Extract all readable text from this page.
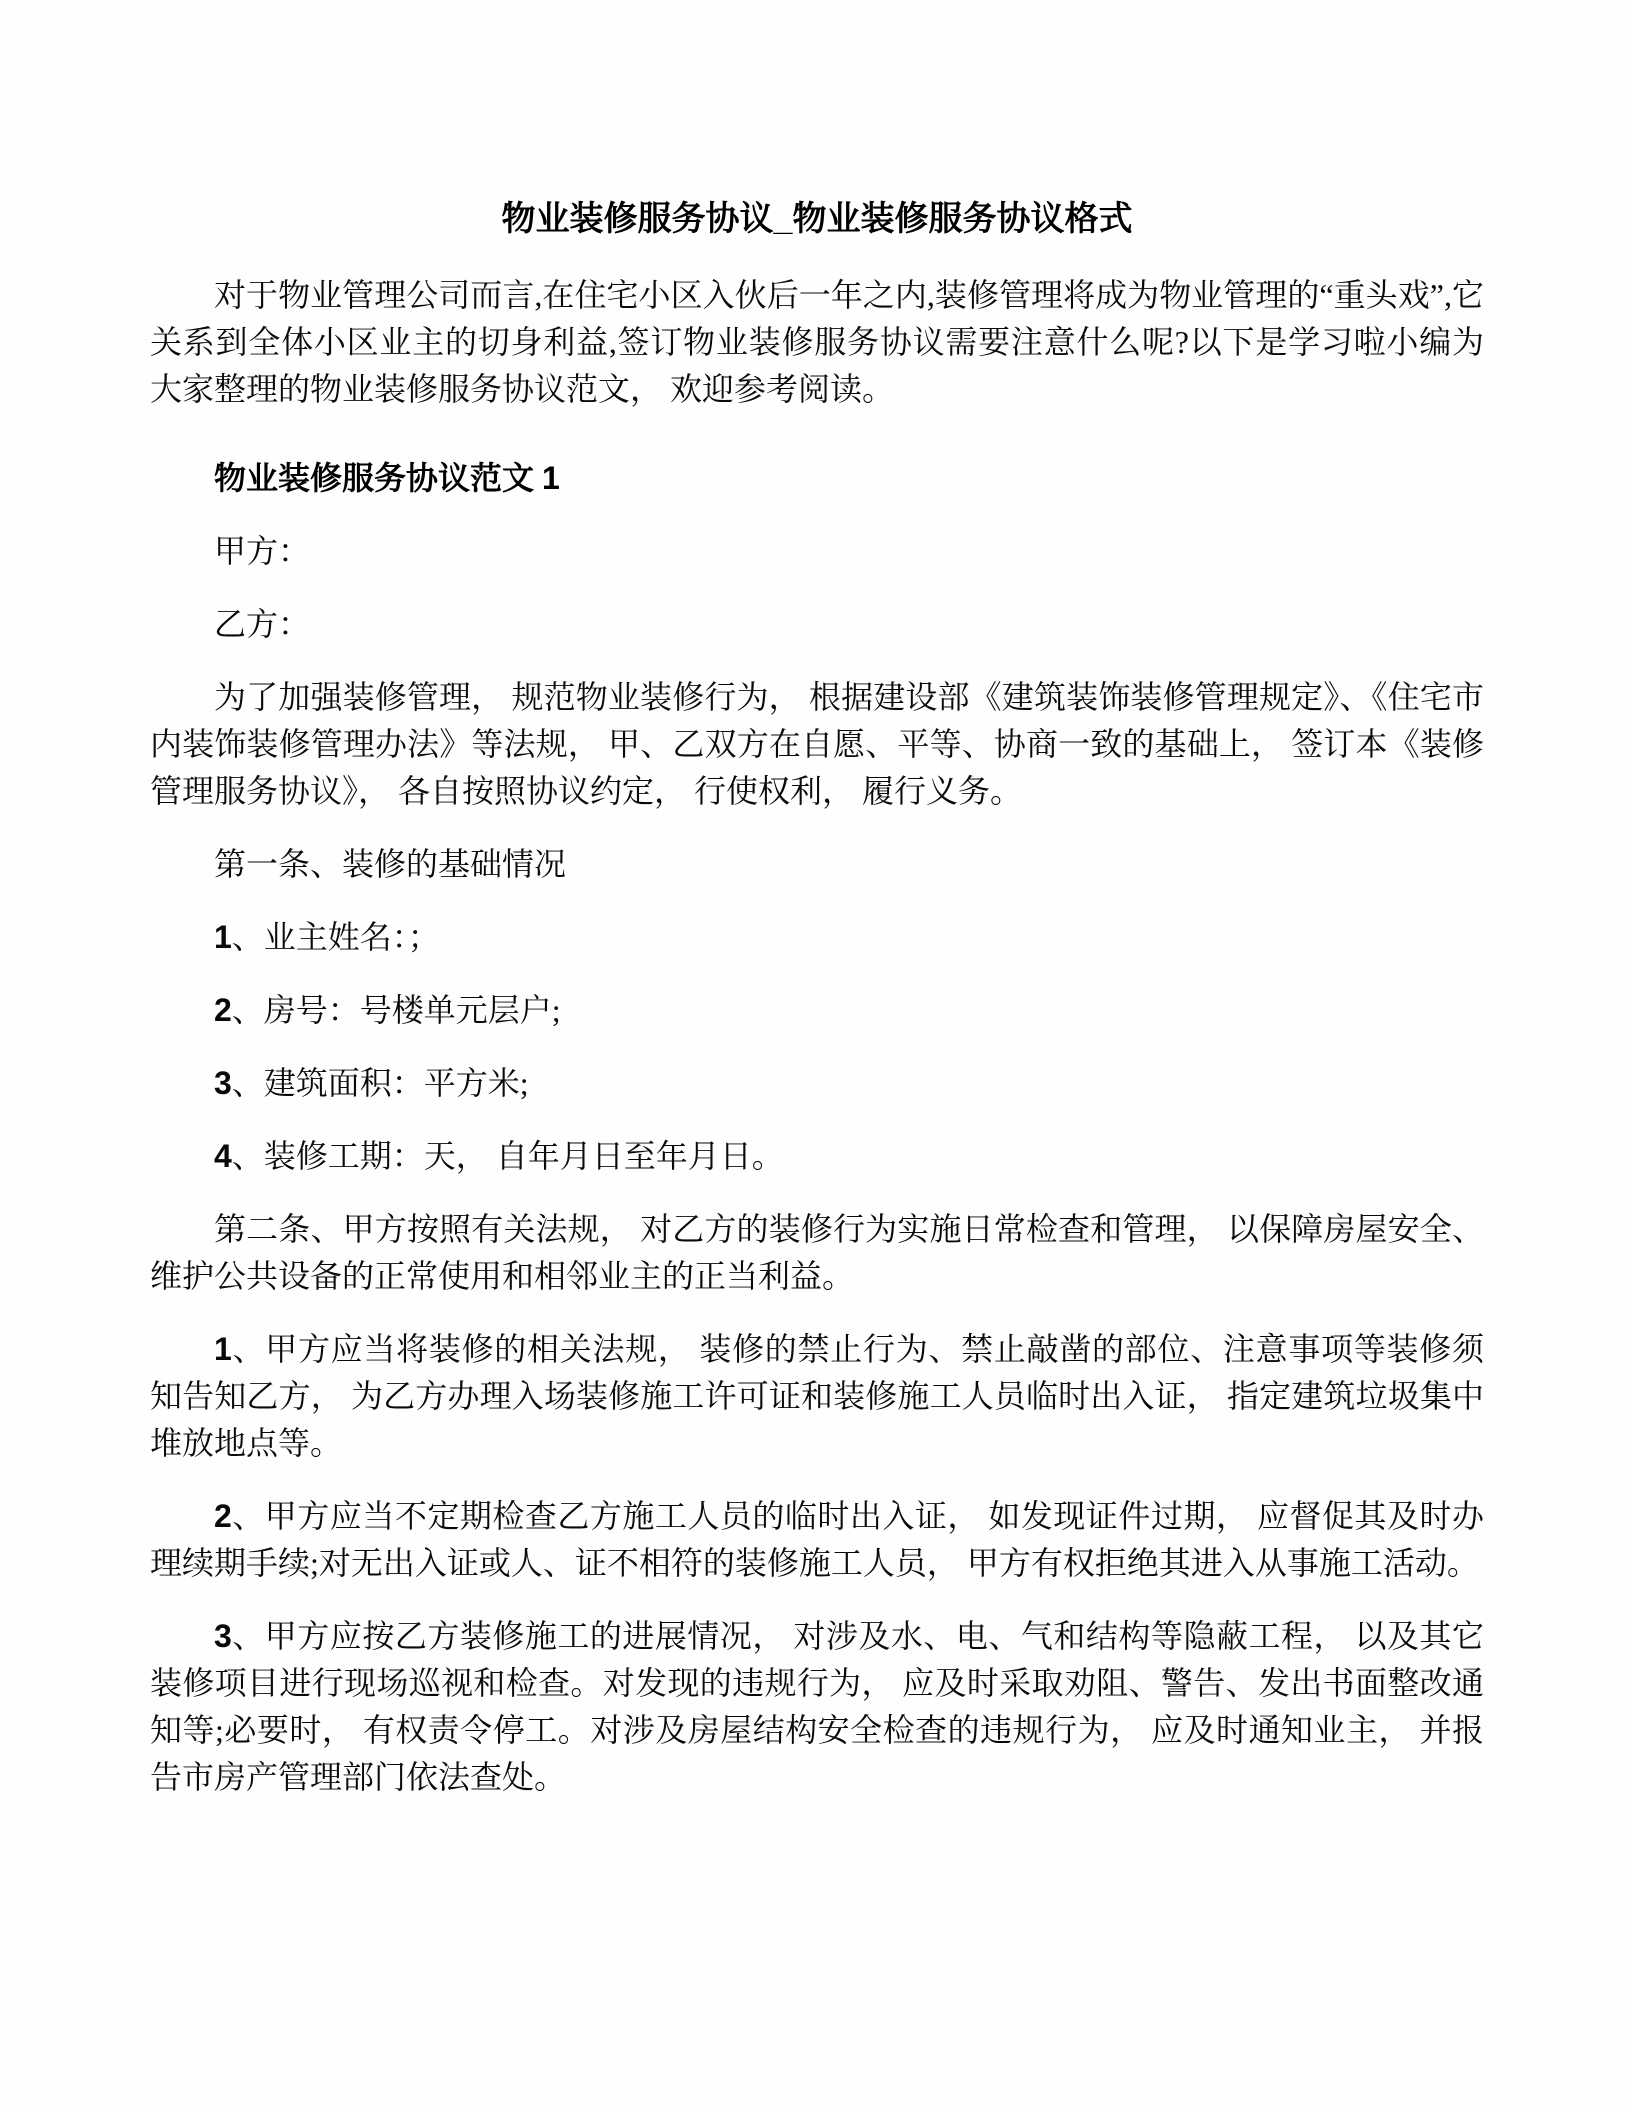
物业装修服务协议_物业装修服务协议格式

对于物业管理公司而言,在住宅小区入伙后一年之内,装修管理将成为物业管理的“重头戏”,它关系到全体小区业主的切身利益,签订物业装修服务协议需要注意什么呢?以下是学习啦小编为大家整理的物业装修服务协议范文， 欢迎参考阅读。

物业装修服务协议范文 1

甲方：

乙方：

为了加强装修管理， 规范物业装修行为， 根据建设部《建筑装饰装修管理规定》、《住宅市内装饰装修管理办法》等法规， 甲、乙双方在自愿、平等、协商一致的基础上， 签订本《装修管理服务协议》， 各自按照协议约定， 行使权利， 履行义务。

第一条、装修的基础情况

1、业主姓名：；

2、房号：号楼单元层户;

3、建筑面积：平方米;

4、装修工期：天， 自年月日至年月日。

第二条、甲方按照有关法规， 对乙方的装修行为实施日常检查和管理， 以保障房屋安全、维护公共设备的正常使用和相邻业主的正当利益。

1、甲方应当将装修的相关法规， 装修的禁止行为、禁止敲凿的部位、注意事项等装修须知告知乙方， 为乙方办理入场装修施工许可证和装修施工人员临时出入证， 指定建筑垃圾集中堆放地点等。

2、甲方应当不定期检查乙方施工人员的临时出入证， 如发现证件过期， 应督促其及时办理续期手续;对无出入证或人、证不相符的装修施工人员， 甲方有权拒绝其进入从事施工活动。

3、甲方应按乙方装修施工的进展情况， 对涉及水、电、气和结构等隐蔽工程， 以及其它装修项目进行现场巡视和检查。对发现的违规行为， 应及时采取劝阻、警告、发出书面整改通知等;必要时， 有权责令停工。对涉及房屋结构安全检查的违规行为， 应及时通知业主， 并报告市房产管理部门依法查处。
